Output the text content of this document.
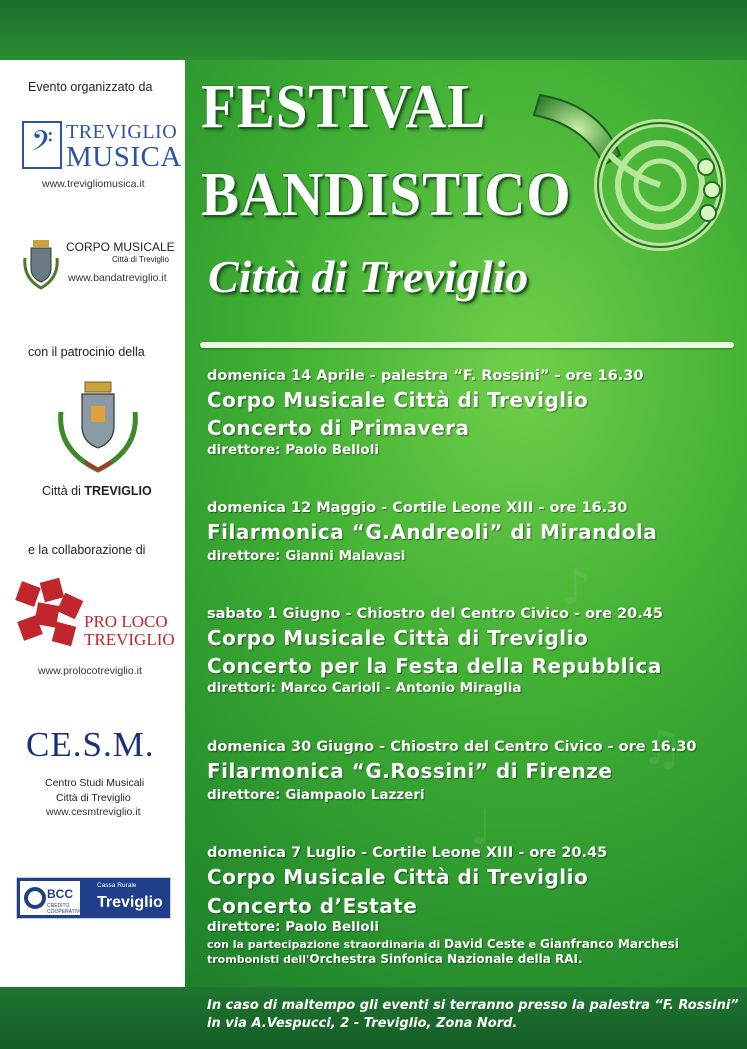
♪
♫
♩
Evento organizzato da
𝄢 TREVIGLIO
MUSICA
www.trevigliomusica.it
CORPO MUSICALE
Città di Treviglio
www.bandatreviglio.it
con il patrocinio della
Città di TREVIGLIO
e la collaborazione di
PRO LOCO
TREVIGLIO
www.prolocotreviglio.it
CE.S.M.
Centro Studi Musicali
Città di Treviglio
www.cesmtreviglio.it
BCC
CREDITO COOPERATIVO
Cassa Rurale
Treviglio
FESTIVAL
BANDISTICO
Città di Treviglio
domenica 14 Aprile - palestra “F. Rossini” - ore 16.30
Corpo Musicale Città di Treviglio
Concerto di Primavera
direttore: Paolo Belloli
domenica 12 Maggio - Cortile Leone XIII - ore 16.30
Filarmonica “G.Andreoli” di Mirandola
direttore: Gianni Malavasi
sabato 1 Giugno - Chiostro del Centro Civico - ore 20.45
Corpo Musicale Città di Treviglio
Concerto per la Festa della Repubblica
direttori: Marco Carioli - Antonio Miraglia
domenica 30 Giugno - Chiostro del Centro Civico - ore 16.30
Filarmonica “G.Rossini” di Firenze
direttore: Giampaolo Lazzeri
domenica 7 Luglio - Cortile Leone XIII - ore 20.45
Corpo Musicale Città di Treviglio
Concerto d’Estate
direttore: Paolo Belloli
con la partecipazione straordinaria di David Ceste e Gianfranco Marchesi
trombonisti dell'Orchestra Sinfonica Nazionale della RAI.
In caso di maltempo gli eventi si terranno presso la palestra “F. Rossini”
in via A.Vespucci, 2 - Treviglio, Zona Nord.
